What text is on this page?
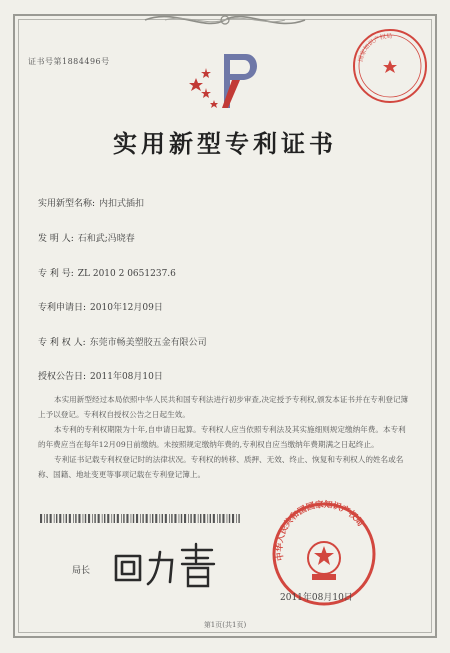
证书号第1884496号	国家知识产权局
实用新型专利证书
实用新型名称: 内扣式插扣
发 明 人: 石和武;冯晓春
专 利 号: ZL 2010 2 0651237.6
专利申请日: 2010年12月09日
专 利 权 人: 东莞市畅美塑胶五金有限公司
授权公告日: 2011年08月10日

本实用新型经过本局依照中华人民共和国专利法进行初步审查,决定授予专利权,颁发本证书并在专利登记簿上予以登记。专利权自授权公告之日起生效。

本专利的专利权期限为十年,自申请日起算。专利权人应当依照专利法及其实施细则规定缴纳年费。本专利的年费应当在每年12月09日前缴纳。未按照规定缴纳年费的,专利权自应当缴纳年费期满之日起终止。

专利证书记载专利权登记时的法律状况。专利权的转移、质押、无效、终止、恢复和专利权人的姓名或名称、国籍、地址变更等事项记载在专利登记簿上。

局长
中华人民共和国国家知识产权局
2011年08月10日
第1页(共1页)
